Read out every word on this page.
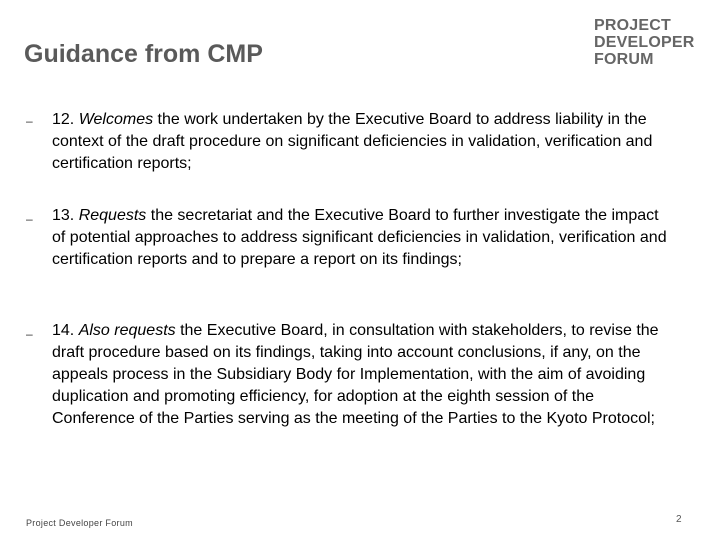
Guidance from CMP
PROJECT
DEVELOPER
FORUM
– 12. Welcomes the work undertaken by the Executive Board to address liability in the context of the draft procedure on significant deficiencies in validation, verification and certification reports;
– 13. Requests the secretariat and the Executive Board to further investigate the impact of potential approaches to address significant deficiencies in validation, verification and certification reports and to prepare a report on its findings;
– 14. Also requests the Executive Board, in consultation with stakeholders, to revise the draft procedure based on its findings, taking into account conclusions, if any, on the appeals process in the Subsidiary Body for Implementation, with the aim of avoiding duplication and promoting efficiency, for adoption at the eighth session of the Conference of the Parties serving as the meeting of the Parties to the Kyoto Protocol;
Project Developer Forum	2
